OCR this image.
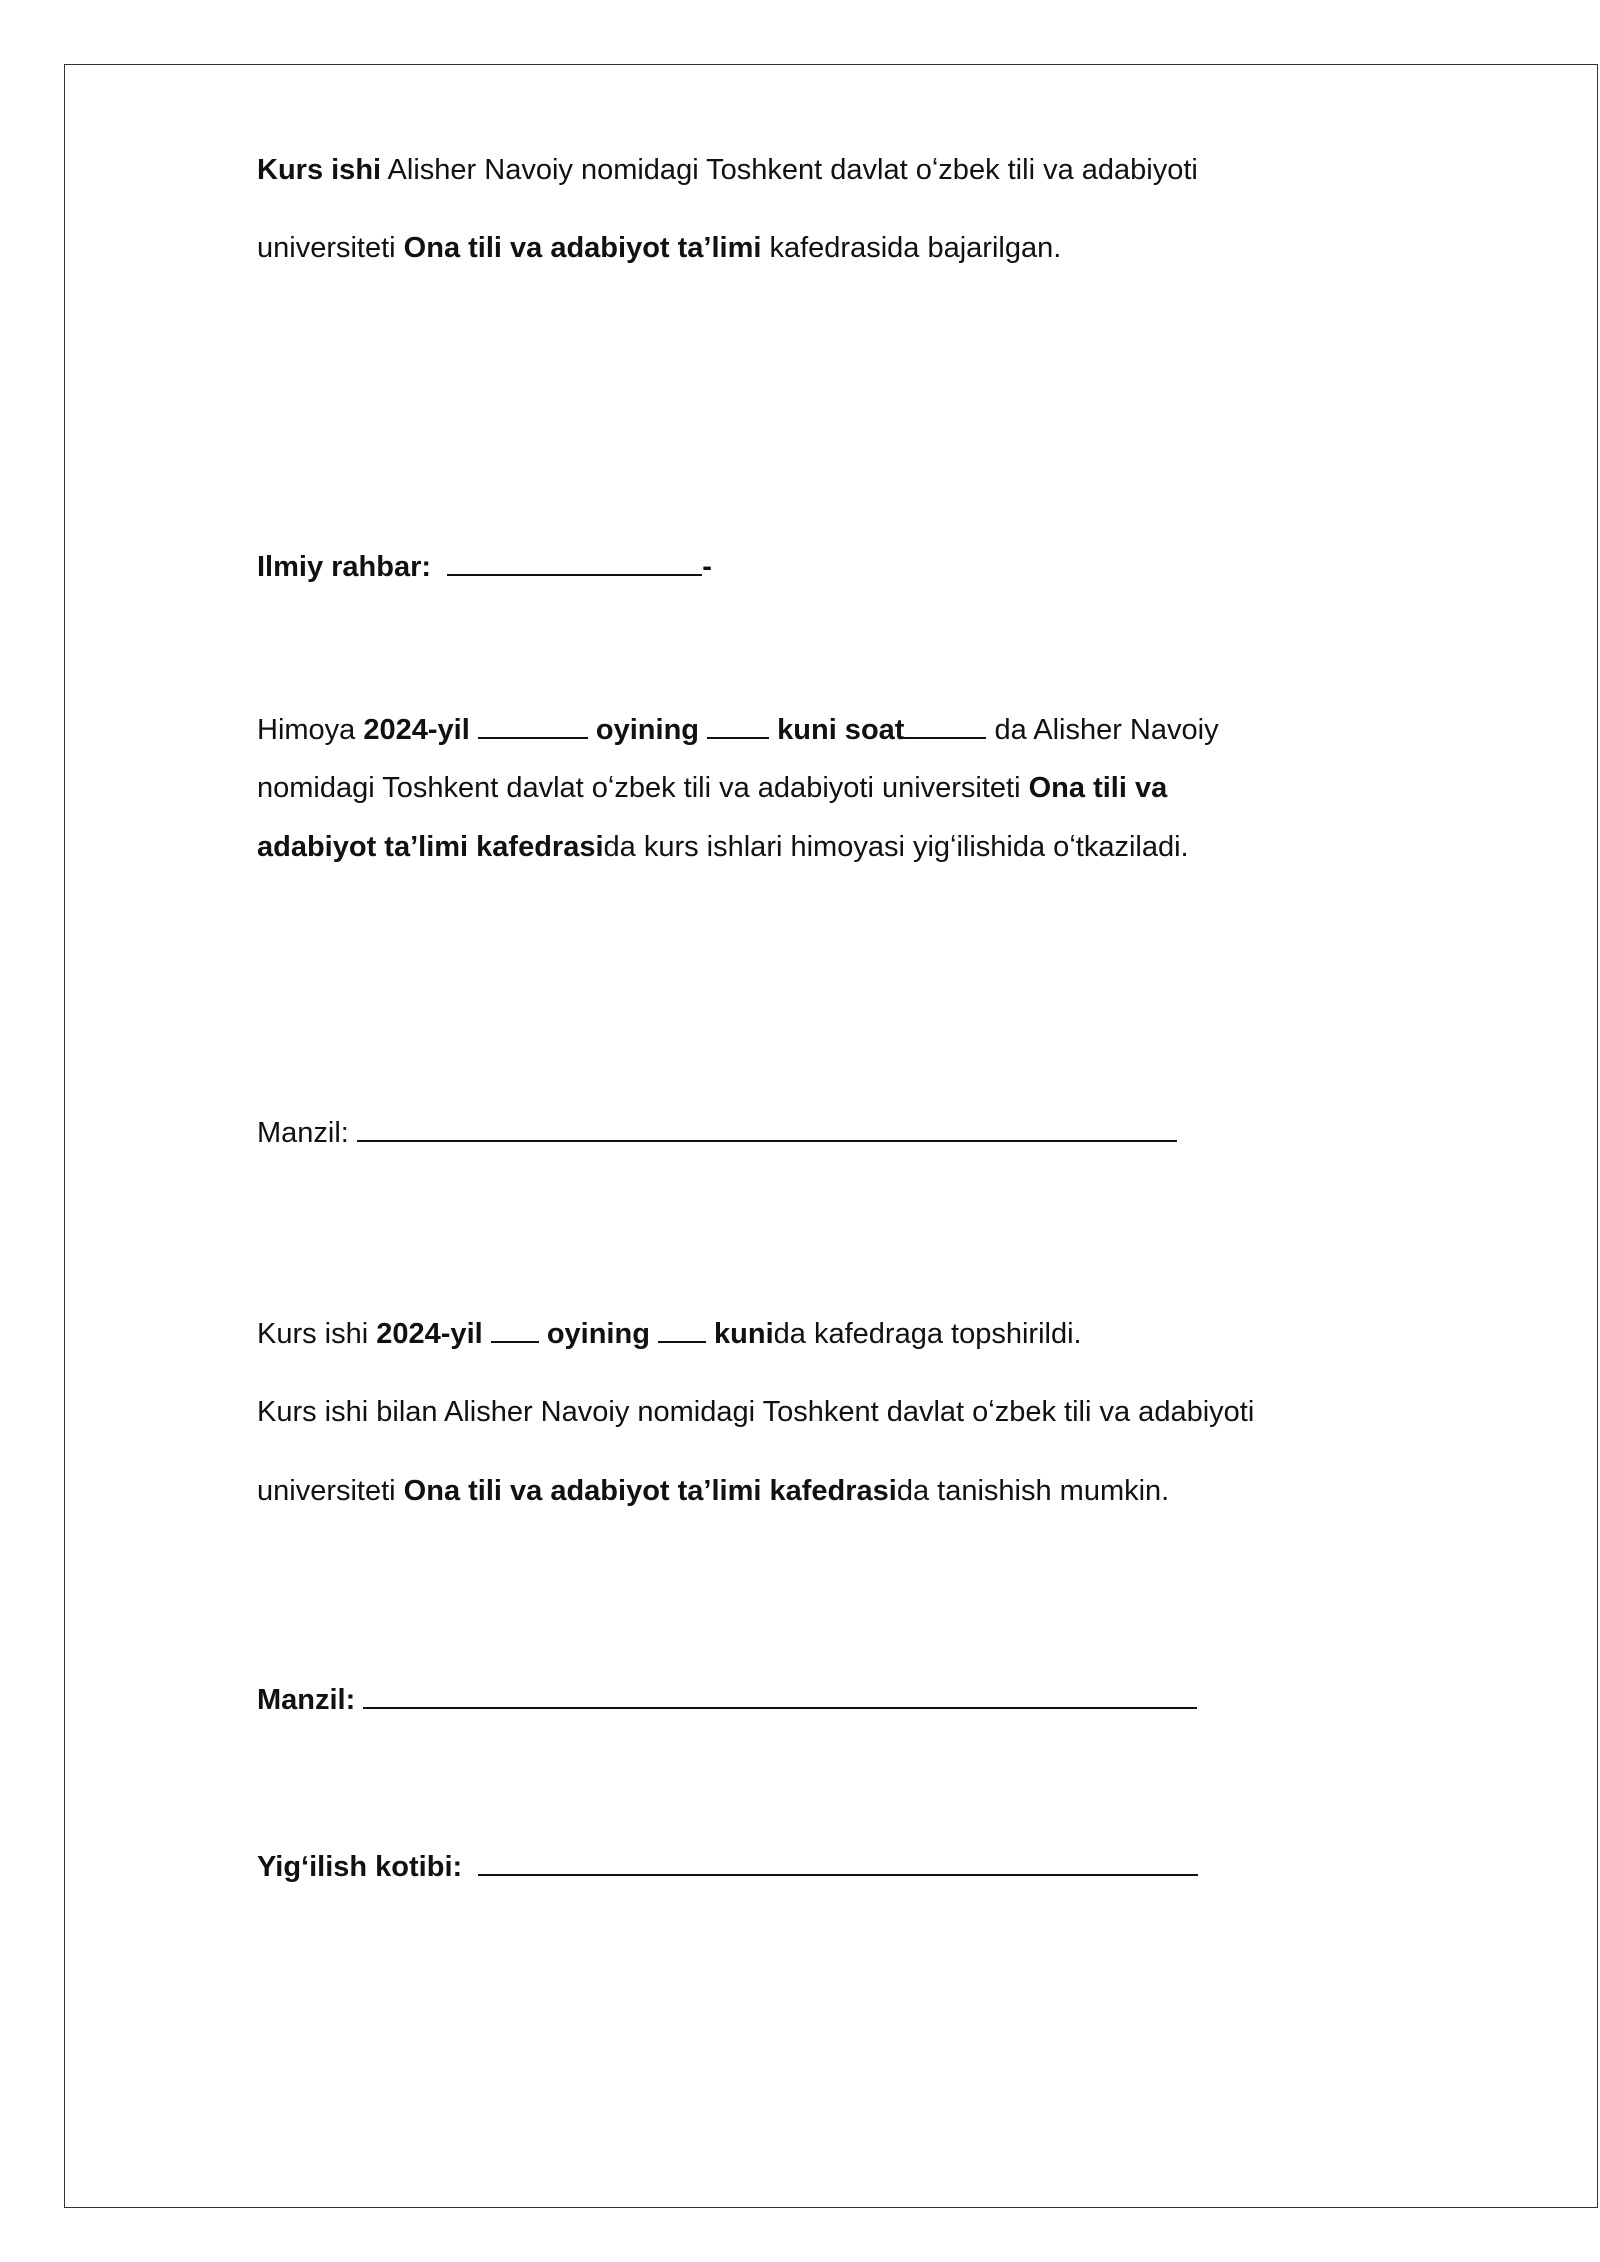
Kurs ishi Alisher Navoiy nomidagi Toshkent davlat oʻzbek tili va adabiyoti
universiteti Ona tili va adabiyot ta’limi kafedrasida bajarilgan.
Ilmiy rahbar:	-
Himoya 2024-yil	oyining	kuni soat	da Alisher Navoiy
nomidagi Toshkent davlat oʻzbek tili va adabiyoti universiteti Ona tili va
adabiyot ta’limi kafedrasida kurs ishlari himoyasi yigʻilishida oʻtkaziladi.
Manzil:
Kurs ishi 2024-yil oyining kunida kafedraga topshirildi.
Kurs ishi bilan Alisher Navoiy nomidagi Toshkent davlat oʻzbek tili va adabiyoti
universiteti Ona tili va adabiyot ta’limi kafedrasida tanishish mumkin.
Manzil:
Yigʻilish kotibi:
